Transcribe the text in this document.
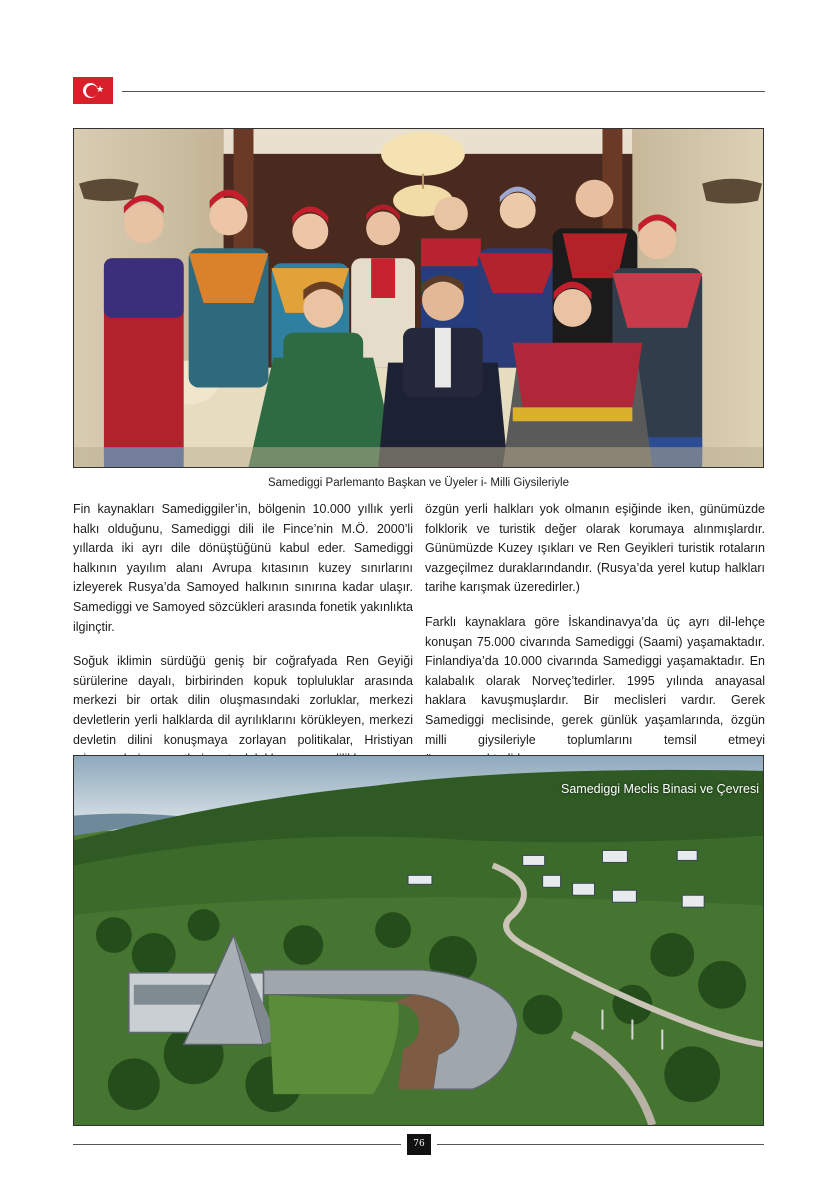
★
Samediggi Parlemanto Başkan ve Üyeler i- Milli Giysileriyle

Fin kaynakları Samediggiler’in, bölgenin 10.000 yıllık yerli halkı olduğunu, Samediggi dili ile Fince’nin M.Ö. 2000’li yıllarda iki ayrı dile dönüştüğünü kabul eder. Samediggi halkının yayılım alanı Avrupa kıtasının kuzey sınırlarını izleyerek Rusya’da Samoyed halkının sınırına kadar ulaşır. Samediggi ve Samoyed sözcükleri arasında fonetik yakınlıkta ilginçtir.

Soğuk iklimin sürdüğü geniş bir coğrafyada Ren Geyiği sürülerine dayalı, birbirinden kopuk topluluklar arasında merkezi bir ortak dilin oluşmasındaki zorluklar, merkezi devletlerin yerli halklarda dil ayrılıklarını körükleyen, merkezi devletin dilini konuşmaya zorlayan politikalar, Hristiyan

özgün yerli halkları yok olmanın eşiğinde iken, günümüzde folklorik ve turistik değer olarak korumaya alınmışlardır. Günümüzde Kuzey ışıkları ve Ren Geyikleri turistik rotaların vazgeçilmez duraklarındandır. (Rusya’da yerel kutup halkları tarihe karışmak üzeredirler.)

Farklı kaynaklara göre İskandinavya’da üç ayrı dil-lehçe konuşan 75.000 civarında Samediggi (Saami) yaşamaktadır. Finlandiya’da 10.000 civarında Samediggi yaşamaktadır. En kalabalık olarak Norveç’tedirler. 1995 yılında anayasal haklara kavuşmuşlardır. Bir meclisleri vardır. Gerek Samediggi meclisinde, gerek günlük yaşamlarında, özgün milli giysileriyle toplumlarını temsil etmeyi

Samediggi Meclis Binasi ve Çevresi
76
